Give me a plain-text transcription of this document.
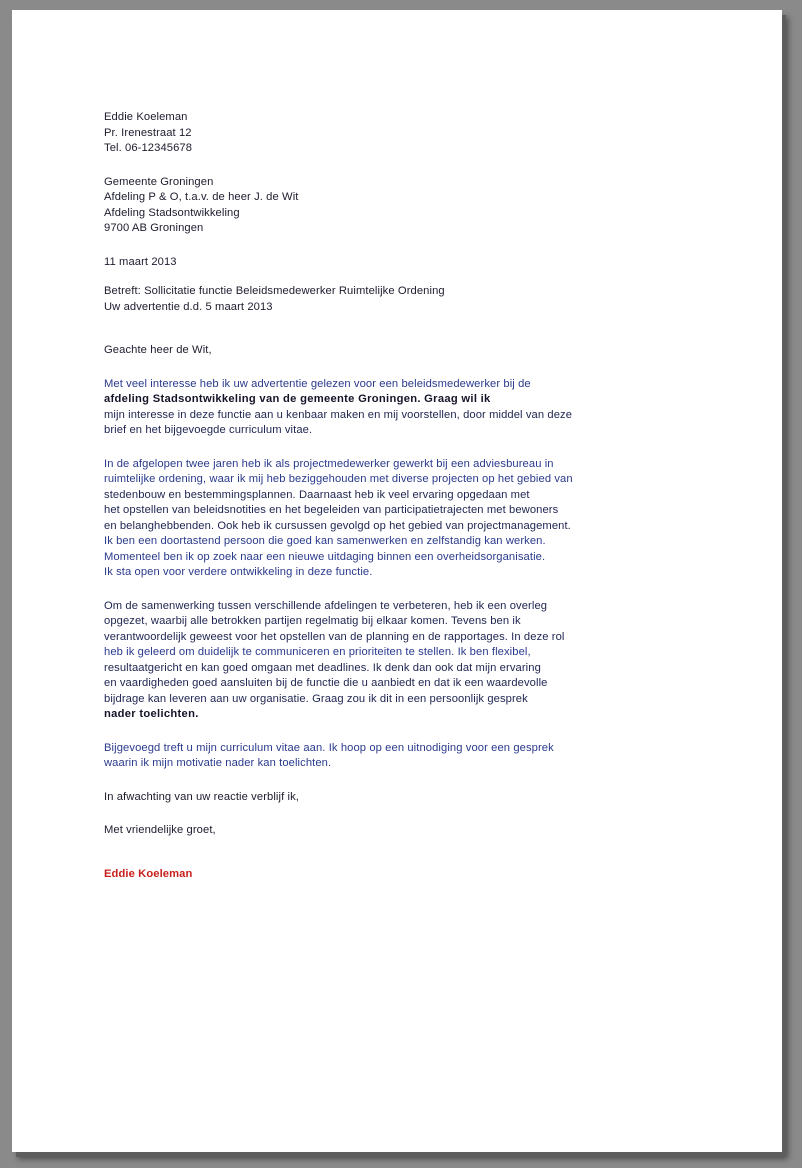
Eddie Koeleman
Pr. Irenestraat 12
Tel. 06-12345678
Gemeente Groningen
Afdeling P & O, t.a.v. de heer J. de Wit
Afdeling Stadsontwikkeling
9700 AB Groningen
11 maart 2013
Betreft: Sollicitatie functie Beleidsmedewerker Ruimtelijke Ordening
Uw advertentie d.d. 5 maart 2013
Geachte heer de Wit,
Met veel interesse heb ik uw advertentie gelezen voor een beleidsmedewerker bij de
afdeling Stadsontwikkeling van de gemeente Groningen. Graag wil ik
mijn interesse in deze functie aan u kenbaar maken en mij voorstellen, door middel van deze
brief en het bijgevoegde curriculum vitae.
In de afgelopen twee jaren heb ik als projectmedewerker gewerkt bij een adviesbureau in
ruimtelijke ordening, waar ik mij heb beziggehouden met diverse projecten op het gebied van
stedenbouw en bestemmingsplannen. Daarnaast heb ik veel ervaring opgedaan met
het opstellen van beleidsnotities en het begeleiden van participatietrajecten met bewoners
en belanghebbenden. Ook heb ik cursussen gevolgd op het gebied van projectmanagement.
Ik ben een doortastend persoon die goed kan samenwerken en zelfstandig kan werken.
Momenteel ben ik op zoek naar een nieuwe uitdaging binnen een overheidsorganisatie.
Ik sta open voor verdere ontwikkeling in deze functie.
Om de samenwerking tussen verschillende afdelingen te verbeteren, heb ik een overleg
opgezet, waarbij alle betrokken partijen regelmatig bij elkaar komen. Tevens ben ik
verantwoordelijk geweest voor het opstellen van de planning en de rapportages. In deze rol
heb ik geleerd om duidelijk te communiceren en prioriteiten te stellen. Ik ben flexibel,
resultaatgericht en kan goed omgaan met deadlines. Ik denk dan ook dat mijn ervaring
en vaardigheden goed aansluiten bij de functie die u aanbiedt en dat ik een waardevolle
bijdrage kan leveren aan uw organisatie. Graag zou ik dit in een persoonlijk gesprek
nader toelichten.
Bijgevoegd treft u mijn curriculum vitae aan. Ik hoop op een uitnodiging voor een gesprek
waarin ik mijn motivatie nader kan toelichten.
In afwachting van uw reactie verblijf ik,
Met vriendelijke groet,
Eddie Koeleman
